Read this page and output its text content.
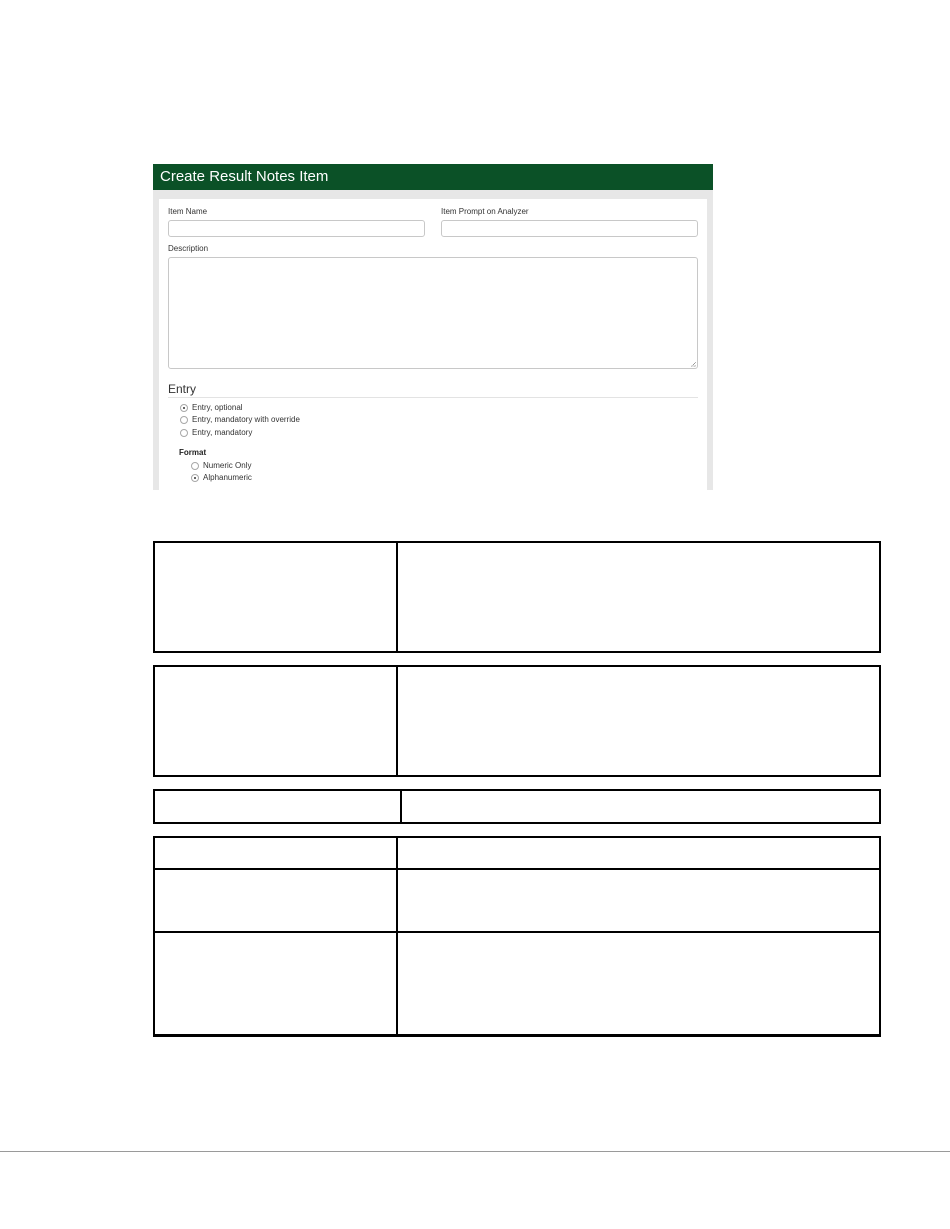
Create Result Notes Item
Item Name	Item Prompt on Analyzer
Description
Entry
Entry, optional
Entry, mandatory with override
Entry, mandatory
Format
Numeric Only
Alphanumeric
